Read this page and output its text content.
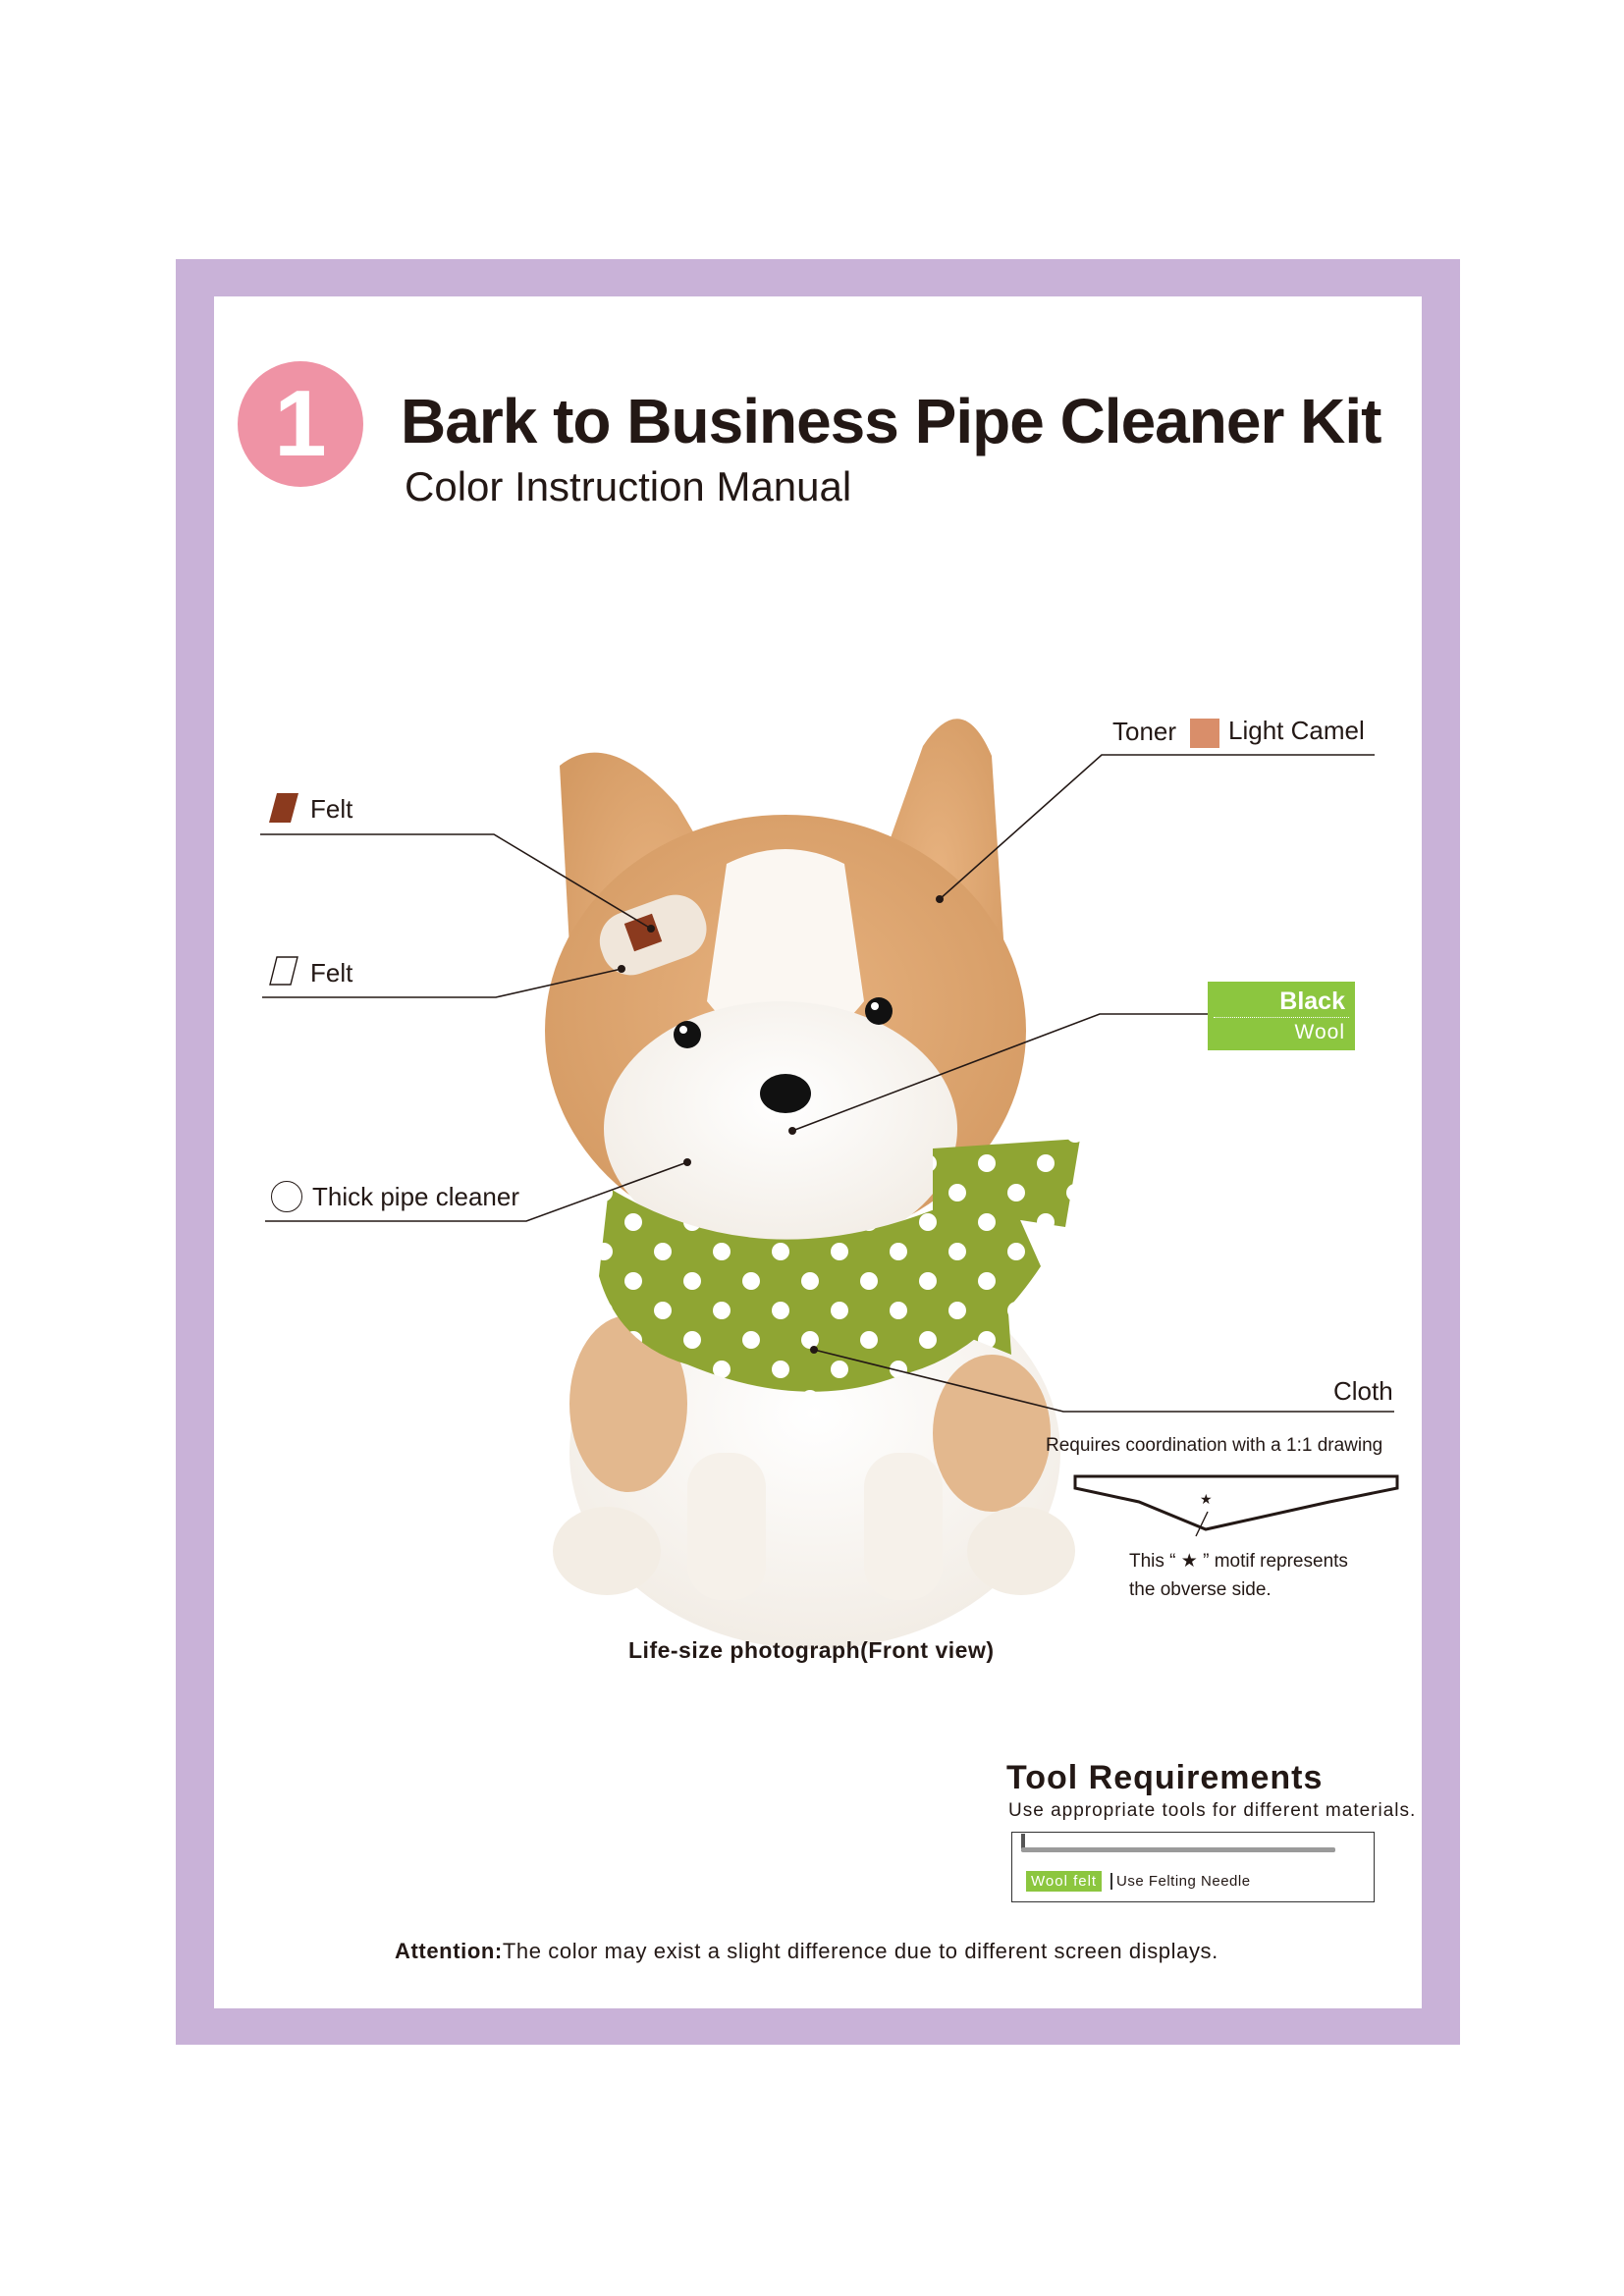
1	Bark to Business Pipe Cleaner Kit
Color Instruction Manual
★
Toner Light Camel
Felt
Felt
Black
Wool
Thick pipe cleaner
Cloth
Requires coordination with a 1:1 drawing
This “ ★ ” motif represents
the obverse side.
Life-size photograph(Front view)
Tool Requirements
Use appropriate tools for different materials.
Wool felt	Use Felting Needle
Attention:The color may exist a slight difference due to different screen displays.
